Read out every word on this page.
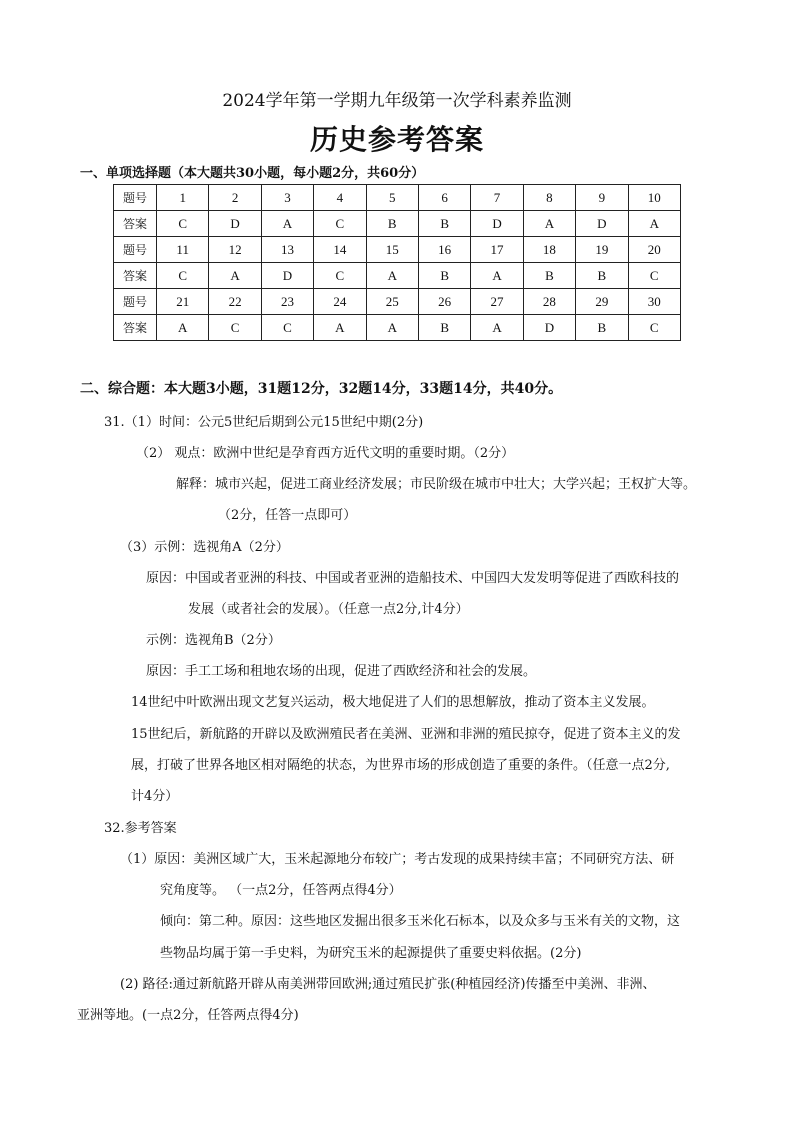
2024学年第一学期九年级第一次学科素养监测
历史参考答案
一、单项选择题（本大题共30小题，每小题2分，共60分）
题号	1	2	3	4	5	6	7	8	9	10
答案	C	D	A	C	B	B	D	A	D	A
题号	11	12	13	14	15	16	17	18	19	20
答案	C	A	D	C	A	B	A	B	B	C
题号	21	22	23	24	25	26	27	28	29	30
答案	A	C	C	A	A	B	A	D	B	C
二、综合题：本大题3小题，31题12分，32题14分，33题14分，共40分。
31.（1）时间：公元5世纪后期到公元15世纪中期(2分)
（2） 观点：欧洲中世纪是孕育西方近代文明的重要时期。（2分）
解释：城市兴起，促进工商业经济发展；市民阶级在城市中壮大；大学兴起；王权扩大等。
（2分，任答一点即可）
（3）示例：选视角A（2分）
原因：中国或者亚洲的科技、中国或者亚洲的造船技术、中国四大发发明等促进了西欧科技的
发展（或者社会的发展）。（任意一点2分,计4分）
示例：选视角B（2分）
原因：手工工场和租地农场的出现，促进了西欧经济和社会的发展。
14世纪中叶欧洲出现文艺复兴运动，极大地促进了人们的思想解放，推动了资本主义发展。
15世纪后，新航路的开辟以及欧洲殖民者在美洲、亚洲和非洲的殖民掠夺，促进了资本主义的发
展，打破了世界各地区相对隔绝的状态，为世界市场的形成创造了重要的条件。（任意一点2分,
计4分）
32.参考答案
（1）原因：美洲区域广大，玉米起源地分布较广；考古发现的成果持续丰富；不同研究方法、研
究角度等。 （一点2分，任答两点得4分）
倾向：第二种。原因：这些地区发掘出很多玉米化石标本，以及众多与玉米有关的文物，这
些物品均属于第一手史料，为研究玉米的起源提供了重要史料依据。(2分)
(2) 路径:通过新航路开辟从南美洲带回欧洲;通过殖民扩张(种植园经济)传播至中美洲、非洲、
亚洲等地。(一点2分，任答两点得4分)
